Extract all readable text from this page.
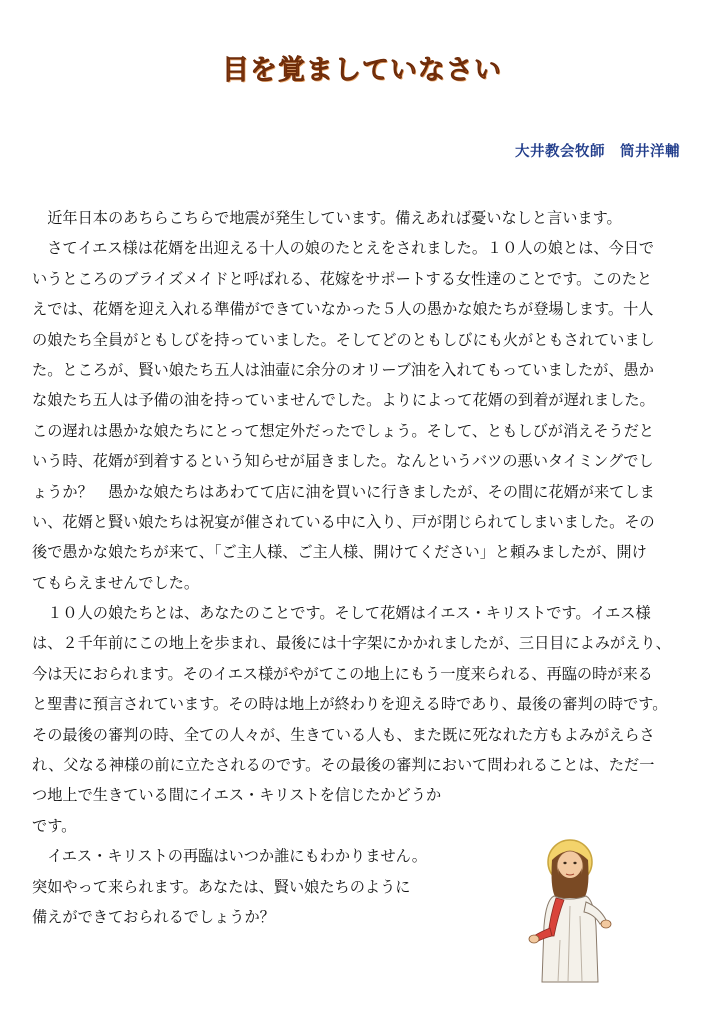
目を覚ましていなさい
大井教会牧師　筒井洋輔
　近年日本のあちらこちらで地震が発生しています。備えあれば憂いなしと言います。
　さてイエス様は花婿を出迎える十人の娘のたとえをされました。１０人の娘とは、今日で
いうところのブライズメイドと呼ばれる、花嫁をサポートする女性達のことです。このたと
えでは、花婿を迎え入れる準備ができていなかった５人の愚かな娘たちが登場します。十人
の娘たち全員がともしびを持っていました。そしてどのともしびにも火がともされていまし
た。ところが、賢い娘たち五人は油壷に余分のオリーブ油を入れてもっていましたが、愚か
な娘たち五人は予備の油を持っていませんでした。よりによって花婿の到着が遅れました。
この遅れは愚かな娘たちにとって想定外だったでしょう。そして、ともしびが消えそうだと
いう時、花婿が到着するという知らせが届きました。なんというバツの悪いタイミングでし
ょうか？　愚かな娘たちはあわてて店に油を買いに行きましたが、その間に花婿が来てしま
い、花婿と賢い娘たちは祝宴が催されている中に入り、戸が閉じられてしまいました。その
後で愚かな娘たちが来て、「ご主人様、ご主人様、開けてください」と頼みましたが、開け
てもらえませんでした。
　１０人の娘たちとは、あなたのことです。そして花婿はイエス・キリストです。イエス様
は、２千年前にこの地上を歩まれ、最後には十字架にかかれましたが、三日目によみがえり、
今は天におられます。そのイエス様がやがてこの地上にもう一度来られる、再臨の時が来る
と聖書に預言されています。その時は地上が終わりを迎える時であり、最後の審判の時です。
その最後の審判の時、全ての人々が、生きている人も、また既に死なれた方もよみがえらさ
れ、父なる神様の前に立たされるのです。その最後の審判において問われることは、ただ一
つ地上で生きている間にイエス・キリストを信じたかどうか
です。
　イエス・キリストの再臨はいつか誰にもわかりません。
突如やって来られます。あなたは、賢い娘たちのように
備えができておられるでしょうか？
